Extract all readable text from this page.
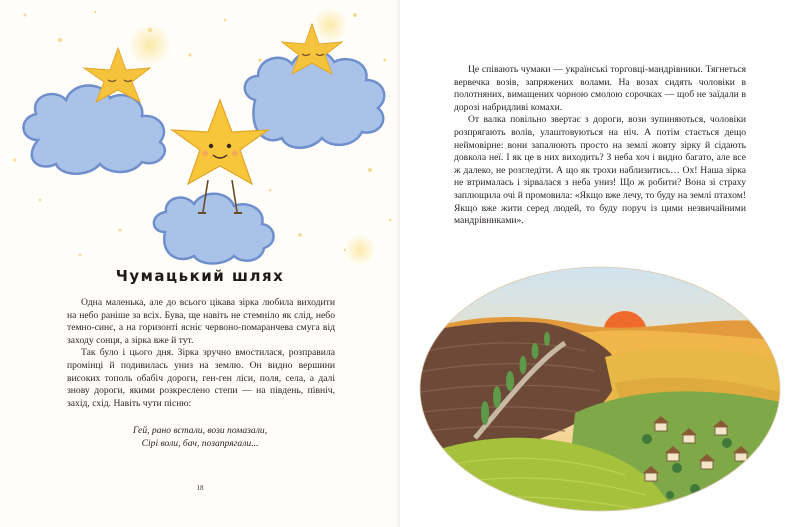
Чумацький шлях

Одна маленька, але до всього цікава зірка любила виходити на небо раніше за всіх. Бува, ще навіть не стемніло як слід, небо темно-синє, а на горизонті ясніє червоно-помаранчева смуга від заходу сонця, а зірка вже й тут.

Так було і цього дня. Зірка зручно вмостилася, розправила промінці й подивилась униз на землю. Он видно вершини високих тополь обабіч дороги, ген-ген ліси, поля, села, а далі знову дороги, якими розкреслено степи — на південь, північ, захід, схід. Навіть чути пісню:

Гей, рано встали, вози помазали,
Сірі воли, бач, позапрягали...
18

Це співають чумаки — українські торговці-мандрівники. Тягнеться вервечка возів, запряжених волами. На возах сидять чоловіки в полотняних, вимащених чорною смолою сорочках — щоб не заїдали в дорозі набридливі комахи.

От валка повільно звертає з дороги, вози зупиняються, чоловіки розпрягають волів, улаштовуються на ніч. А потім стається дещо неймовірне: вони запалюють просто на землі жовту зірку й сідають довкола неї. І як це в них виходить? З неба хоч і видно багато, але все ж далеко, не розгледіти. А що як трохи наблизитись… Ох! Наша зірка не втрималась і зірвалася з неба униз! Що ж робити? Вона зі страху заплющила очі й промовила: «Якщо вже лечу, то буду на землі птахом! Якщо вже жити серед людей, то буду поруч із цими незвичайними мандрівниками».
